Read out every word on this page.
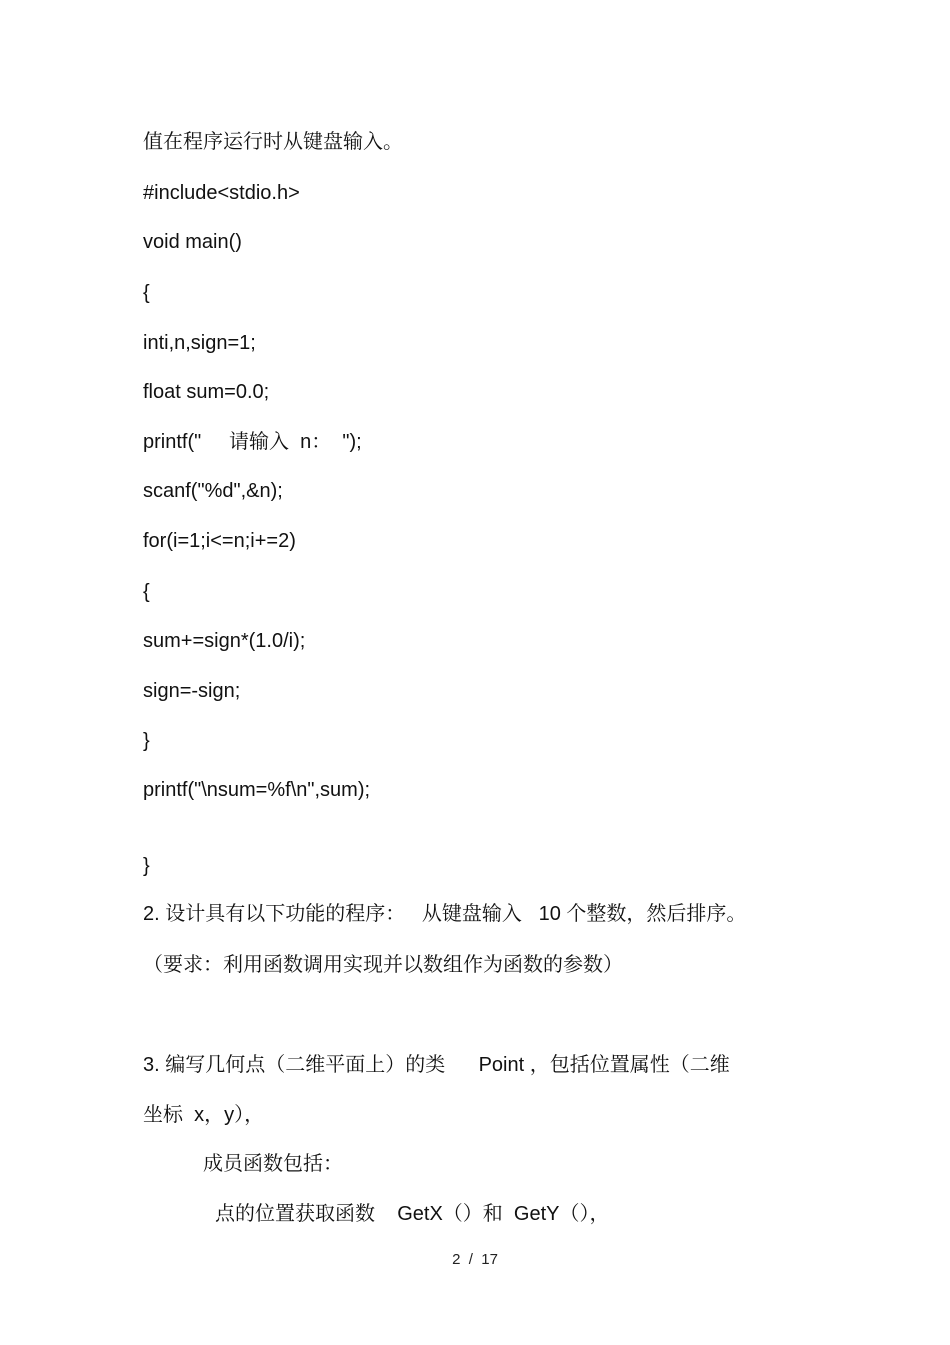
值在程序运行时从键盘输入。
#include<stdio.h>
void main()
{
inti,n,sign=1;
float sum=0.0;
printf("     请输入  n：  ");
scanf("%d",&n);
for(i=1;i<=n;i+=2)
{
sum+=sign*(1.0/i);
sign=-sign;
}
printf("\nsum=%f\n",sum);
}
2. 设计具有以下功能的程序：   从键盘输入   10 个整数，然后排序。
（要求：利用函数调用实现并以数组作为函数的参数）
3. 编写几何点（二维平面上）的类      Point ，包括位置属性（二维
坐标  x，y），
成员函数包括：
点的位置获取函数    GetX（）和  GetY（），
2  /  17
